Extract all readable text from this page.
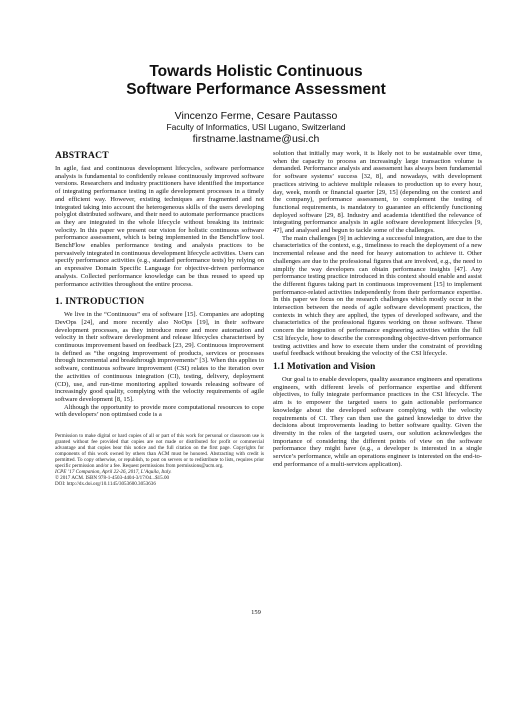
Towards Holistic Continuous
Software Performance Assessment
Vincenzo Ferme, Cesare Pautasso
Faculty of Informatics, USI Lugano, Switzerland
firstname.lastname@usi.ch
ABSTRACT

In agile, fast and continuous development lifecycles, software performance analysis is fundamental to confidently release continuously improved software versions. Researchers and industry practitioners have identified the importance of integrating performance testing in agile development processes in a timely and efficient way. However, existing techniques are fragmented and not integrated taking into account the heterogeneous skills of the users developing polyglot distributed software, and their need to automate performance practices as they are integrated in the whole lifecycle without breaking its intrinsic velocity. In this paper we present our vision for holistic continuous software performance assessment, which is being implemented in the BenchFlow tool. BenchFlow enables performance testing and analysis practices to be pervasively integrated in continuous development lifecycle activities. Users can specify performance activities (e.g., standard performance tests) by relying on an expressive Domain Specific Language for objective-driven performance analysis. Collected performance knowledge can be thus reused to speed up performance activities throughout the entire process.

1. INTRODUCTION

We live in the “Continuous” era of software [15]. Companies are adopting DevOps [24], and more recently also NoOps [19], in their software development processes, as they introduce more and more automation and velocity in their software development and release lifecycles characterised by continuous improvement based on feedback [23, 29]. Continuous improvement is defined as “the ongoing improvement of products, services or processes through incremental and breakthrough improvements” [3]. When this applies to software, continuous software improvement (CSI) relates to the iteration over the activities of continuous integration (CI), testing, delivery, deployment (CD), use, and run-time monitoring applied towards releasing software of increasingly good quality, complying with the velocity requirements of agile software development [8, 15].

Although the opportunity to provide more computational resources to cope with developers’ non optimised code is a

Permission to make digital or hard copies of all or part of this work for personal or classroom use is granted without fee provided that copies are not made or distributed for profit or commercial advantage and that copies bear this notice and the full citation on the first page. Copyrights for components of this work owned by others than ACM must be honored. Abstracting with credit is permitted. To copy otherwise, or republish, to post on servers or to redistribute to lists, requires prior specific permission and/or a fee. Request permissions from permissions@acm.org.
ICPE ’17 Companion, April 22-26, 2017, L’Aquila, Italy.
© 2017 ACM. ISBN 978-1-4503-4404-3/17/04...$15.00
DOI: http://dx.doi.org/10.1145/3053600.3053636

solution that initially may work, it is likely not to be sustainable over time, when the capacity to process an increasingly large transaction volume is demanded. Performance analysis and assessment has always been fundamental for software systems’ success [32, 8], and nowadays, with development practices striving to achieve multiple releases to production up to every hour, day, week, month or financial quarter [29, 15] (depending on the context and the company), performance assessment, to complement the testing of functional requirements, is mandatory to guarantee an efficiently functioning deployed software [29, 8]. Industry and academia identified the relevance of integrating performance analysis in agile software development lifecycles [9, 47], and analysed and begun to tackle some of the challenges.

The main challenges [9] in achieving a successful integration, are due to the characteristics of the context, e.g., timeliness to reach the deployment of a new incremental release and the need for heavy automation to achieve it. Other challenges are due to the professional figures that are involved, e.g., the need to simplify the way developers can obtain performance insights [47]. Any performance testing practice introduced in this context should enable and assist the different figures taking part in continuous improvement [15] to implement performance-related activities independently from their performance expertise. In this paper we focus on the research challenges which mostly occur in the intersection between the needs of agile software development practices, the contexts in which they are applied, the types of developed software, and the characteristics of the professional figures working on those software. These concern the integration of performance engineering activities within the full CSI lifecycle, how to describe the corresponding objective-driven performance testing activities and how to execute them under the constraint of providing useful feedback without breaking the velocity of the CSI lifecycle.

1.1 Motivation and Vision

Our goal is to enable developers, quality assurance engineers and operations engineers, with different levels of performance expertise and different objectives, to fully integrate performance practices in the CSI lifecycle. The aim is to empower the targeted users to gain actionable performance knowledge about the developed software complying with the velocity requirements of CI. They can then use the gained knowledge to drive the decisions about improvements leading to better software quality. Given the diversity in the roles of the targeted users, our solution acknowledges the importance of considering the different points of view on the software performance they might have (e.g., a developer is interested in a single service’s performance, while an operations engineer is interested on the end-to-end performance of a multi-services application).

159
